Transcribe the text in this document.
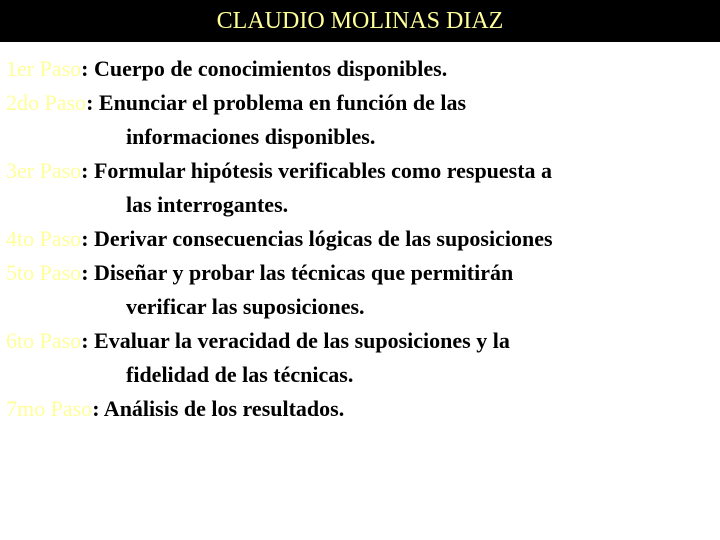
CLAUDIO MOLINAS DIAZ
1er Paso: Cuerpo de conocimientos disponibles.
2do Paso: Enunciar el problema en función de las
informaciones disponibles.
3er Paso: Formular hipótesis verificables como respuesta a
las interrogantes.
4to Paso: Derivar consecuencias lógicas de las suposiciones
5to Paso: Diseñar y probar las técnicas que permitirán
verificar las suposiciones.
6to Paso: Evaluar la veracidad de las suposiciones y la
fidelidad de las técnicas.
7mo Paso: Análisis de los resultados.
